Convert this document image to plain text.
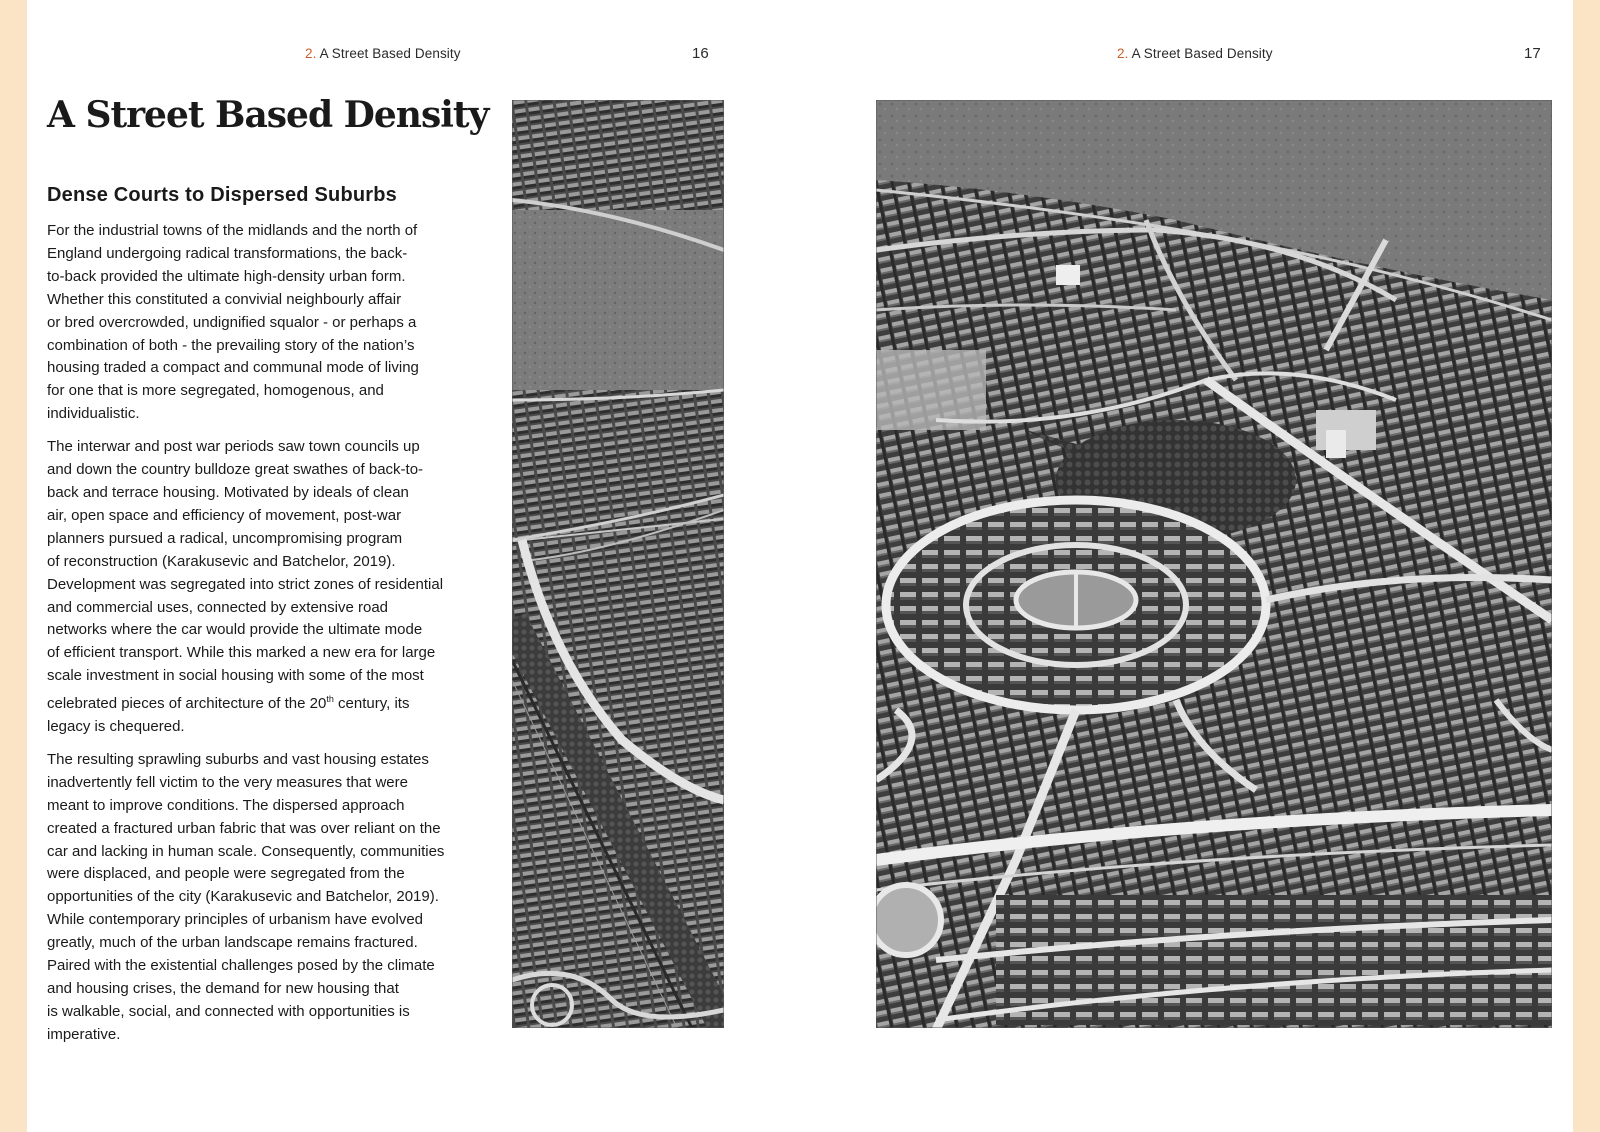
2. A Street Based Density	16
A Street Based Density
Dense Courts to Dispersed Suburbs

For the industrial towns of the midlands and the north of
England undergoing radical transformations, the back-
to-back provided the ultimate high-density urban form.
Whether this constituted a convivial neighbourly affair
or bred overcrowded, undignified squalor - or perhaps a
combination of both - the prevailing story of the nation’s
housing traded a compact and communal mode of living
for one that is more segregated, homogenous, and
individualistic.

The interwar and post war periods saw town councils up
and down the country bulldoze great swathes of back-to-
back and terrace housing. Motivated by ideals of clean
air, open space and efficiency of movement, post-war
planners pursued a radical, uncompromising program
of reconstruction (Karakusevic and Batchelor, 2019).
Development was segregated into strict zones of residential
and commercial uses, connected by extensive road
networks where the car would provide the ultimate mode
of efficient transport. While this marked a new era for large
scale investment in social housing with some of the most
celebrated pieces of architecture of the 20th century, its
legacy is chequered.

The resulting sprawling suburbs and vast housing estates
inadvertently fell victim to the very measures that were
meant to improve conditions. The dispersed approach
created a fractured urban fabric that was over reliant on the
car and lacking in human scale. Consequently, communities
were displaced, and people were segregated from the
opportunities of the city (Karakusevic and Batchelor, 2019).
While contemporary principles of urbanism have evolved
greatly, much of the urban landscape remains fractured.
Paired with the existential challenges posed by the climate
and housing crises, the demand for new housing that
is walkable, social, and connected with opportunities is
imperative.

2. A Street Based Density	17
